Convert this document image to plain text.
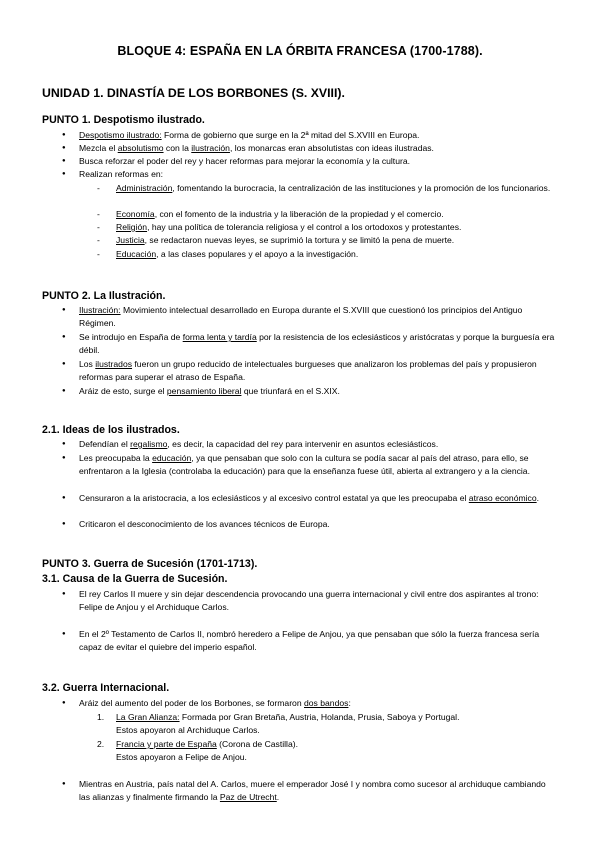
BLOQUE 4: ESPAÑA EN LA ÓRBITA FRANCESA (1700-1788).
UNIDAD 1. DINASTÍA DE LOS BORBONES (S. XVIII).
PUNTO 1. Despotismo ilustrado.
● Despotismo ilustrado: Forma de gobierno que surge en la 2ª mitad del S.XVIII en Europa.
● Mezcla el absolutismo con la ilustración, los monarcas eran absolutistas con ideas ilustradas.
● Busca reforzar el poder del rey y hacer reformas para mejorar la economía y la cultura.
● Realizan reformas en:
- Administración, fomentando la burocracia, la centralización de las instituciones y la promoción de los funcionarios.
- Economía, con el fomento de la industria y la liberación de la propiedad y el comercio.
- Religión, hay una política de tolerancia religiosa y el control a los ortodoxos y protestantes.
- Justicia, se redactaron nuevas leyes, se suprimió la tortura y se limitó la pena de muerte.
- Educación, a las clases populares y el apoyo a la investigación.
PUNTO 2. La Ilustración.
● Ilustración: Movimiento intelectual desarrollado en Europa durante el S.XVIII que cuestionó los principios del Antiguo Régimen.
● Se introdujo en España de forma lenta y tardía por la resistencia de los eclesiásticos y aristócratas y porque la burguesía era débil.
● Los ilustrados fueron un grupo reducido de intelectuales burgueses que analizaron los problemas del país y propusieron reformas para superar el atraso de España.
● Aráiz de esto, surge el pensamiento liberal que triunfará en el S.XIX.
2.1. Ideas de los ilustrados.
● Defendían el regalismo, es decir, la capacidad del rey para intervenir en asuntos eclesiásticos.
● Les preocupaba la educación, ya que pensaban que solo con la cultura se podía sacar al país del atraso, para ello, se enfrentaron a la Iglesia (controlaba la educación) para que la enseñanza fuese útil, abierta al extrangero y a la ciencia.
● Censuraron a la aristocracia, a los eclesiásticos y al excesivo control estatal ya que les preocupaba el atraso económico.
● Criticaron el desconocimiento de los avances técnicos de Europa.
PUNTO 3. Guerra de Sucesión (1701-1713).
3.1. Causa de la Guerra de Sucesión.
● El rey Carlos II muere y sin dejar descendencia provocando una guerra internacional y civil entre dos aspirantes al trono: Felipe de Anjou y el Archiduque Carlos.
● En el 2º Testamento de Carlos II, nombró heredero a Felipe de Anjou, ya que pensaban que sólo la fuerza francesa sería capaz de evitar el quiebre del imperio español.
3.2. Guerra Internacional.
● Aráiz del aumento del poder de los Borbones, se formaron dos bandos:
1. La Gran Alianza: Formada por Gran Bretaña, Austria, Holanda, Prusia, Saboya y Portugal.
Estos apoyaron al Archiduque Carlos.
2. Francia y parte de España (Corona de Castilla).
Estos apoyaron a Felipe de Anjou.
● Mientras en Austria, país natal del A. Carlos, muere el emperador José I y nombra como sucesor al archiduque cambiando las alianzas y finalmente firmando la Paz de Utrecht.
